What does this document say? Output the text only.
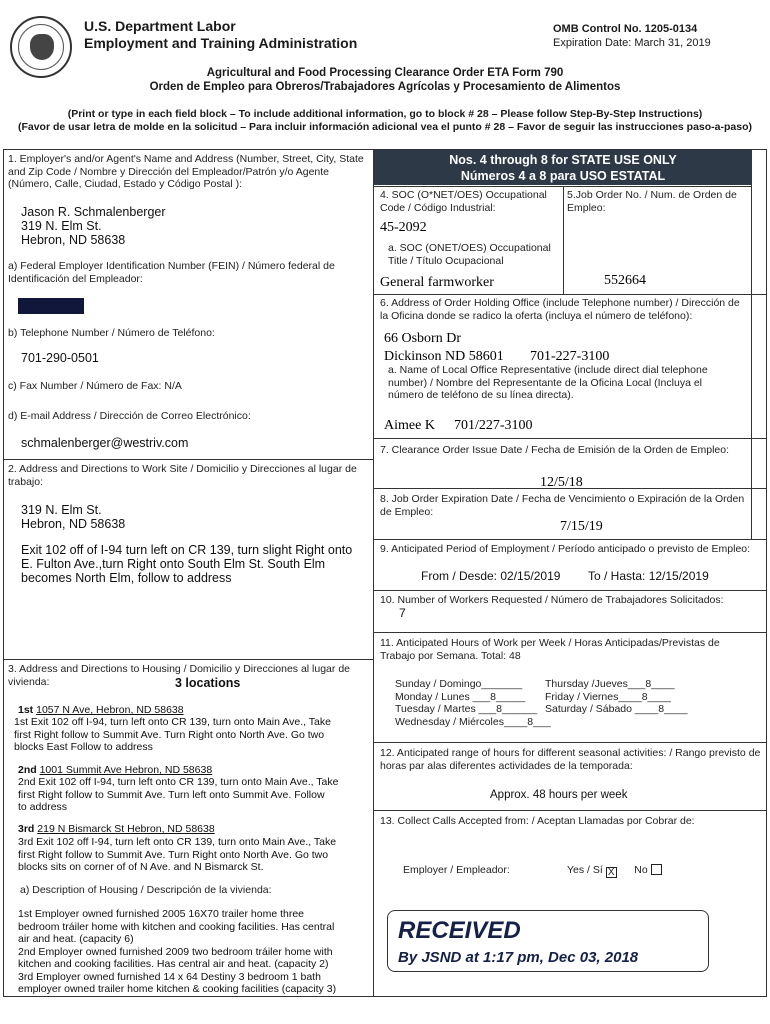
U.S. Department Labor
Employment and Training Administration
OMB Control No. 1205-0134
Expiration Date: March 31, 2019
Agricultural and Food Processing Clearance Order ETA Form 790
Orden de Empleo para Obreros/Trabajadores Agrícolas y Procesamiento de Alimentos
(Print or type in each field block – To include additional information, go to block # 28 – Please follow Step-By-Step Instructions)
(Favor de usar letra de molde en la solicitud – Para incluir información adicional vea el punto # 28 – Favor de seguir las instrucciones paso-a-paso)
1. Employer's and/or Agent's Name and Address (Number, Street, City, State
and Zip Code / Nombre y Dirección del Empleador/Patrón y/o Agente
(Número, Calle, Ciudad, Estado y Código Postal ):
Jason R. Schmalenberger
319 N. Elm St.
Hebron, ND 58638
a) Federal Employer Identification Number (FEIN) / Número federal de
Identificación del Empleador:
b) Telephone Number / Número de Teléfono:
701-290-0501
c) Fax Number / Número de Fax: N/A
d) E-mail Address / Dirección de Correo Electrónico:
schmalenberger@westriv.com
2. Address and Directions to Work Site / Domicilio y Direcciones al lugar de
trabajo:
319 N. Elm St.
Hebron, ND 58638
Exit 102 off of I-94 turn left on CR 139, turn slight Right onto
E. Fulton Ave.,turn Right onto South Elm St. South Elm
becomes North Elm, follow to address
3. Address and Directions to Housing / Domicilio y Direcciones al lugar de
vivienda:	3 locations
1st 1057 N Ave, Hebron, ND 58638
1st Exit 102 off I-94, turn left onto CR 139, turn onto Main Ave., Take
first Right follow to Summit Ave. Turn Right onto North Ave. Go two
blocks East Follow to address
2nd 1001 Summit Ave Hebron, ND 58638
2nd Exit 102 off I-94, turn left onto CR 139, turn onto Main Ave., Take
first Right follow to Summit Ave. Turn left onto Summit Ave. Follow
to address
3rd 219 N Bismarck St Hebron, ND 58638
3rd Exit 102 off I-94, turn left onto CR 139, turn onto Main Ave., Take
first Right follow to Summit Ave. Turn Right onto North Ave. Go two
blocks sits on corner of of N Ave. and N Bismarck St.
a) Description of Housing / Descripción de la vivienda:
1st Employer owned furnished 2005 16X70 trailer home three
bedroom tráiler home with kitchen and cooking facilities. Has central
air and heat. (capacity 6)
2nd Employer owned furnished 2009 two bedroom tráiler home with
kitchen and cooking facilities. Has central air and heat. (capacity 2)
3rd Employer owned furnished 14 x 64 Destiny 3 bedroom 1 bath
employer owned trailer home kitchen & cooking facilities (capacity 3)
Nos. 4 through 8 for STATE USE ONLY
Números 4 a 8 para USO ESTATAL
4. SOC (O*NET/OES) Occupational
Code / Código Industrial:
5.Job Order No. / Num. de Orden de
Empleo:
45-2092
a. SOC (ONET/OES) Occupational
Title / Título Ocupacional
General farmworker	552664
6. Address of Order Holding Office (include Telephone number) / Dirección de
la Oficina donde se radico la oferta (incluya el número de teléfono):
66 Osborn Dr
Dickinson ND 58601 701-227-3100
a. Name of Local Office Representative (include direct dial telephone
number) / Nombre del Representante de la Oficina Local (Incluya el
número de teléfono de su línea directa).
Aimee K 701/227-3100
7. Clearance Order Issue Date / Fecha de Emisión de la Orden de Empleo:
12/5/18
8. Job Order Expiration Date / Fecha de Vencimiento o Expiración de la Orden
de Empleo:
7/15/19
9. Anticipated Period of Employment / Período anticipado o previsto de Empleo:
From / Desde: 02/15/2019 To / Hasta: 12/15/2019
10. Number of Workers Requested / Número de Trabajadores Solicitados:
7
11. Anticipated Hours of Work per Week / Horas Anticipadas/Previstas de
Trabajo por Semana. Total: 48
Sunday / Domingo_______
Monday / Lunes ___8_____
Tuesday / Martes ___8______
Wednesday / Miércoles____8___
Thursday /Jueves___8____
Friday / Viernes____8____
Saturday / Sábado ____8____
12. Anticipated range of hours for different seasonal activities: / Rango previsto de
horas par alas diferentes actividades de la temporada:
Approx. 48 hours per week
13. Collect Calls Accepted from: / Aceptan Llamadas por Cobrar de:
Employer / Empleador:	Yes / Sí X No
RECEIVED
By JSND at 1:17 pm, Dec 03, 2018
